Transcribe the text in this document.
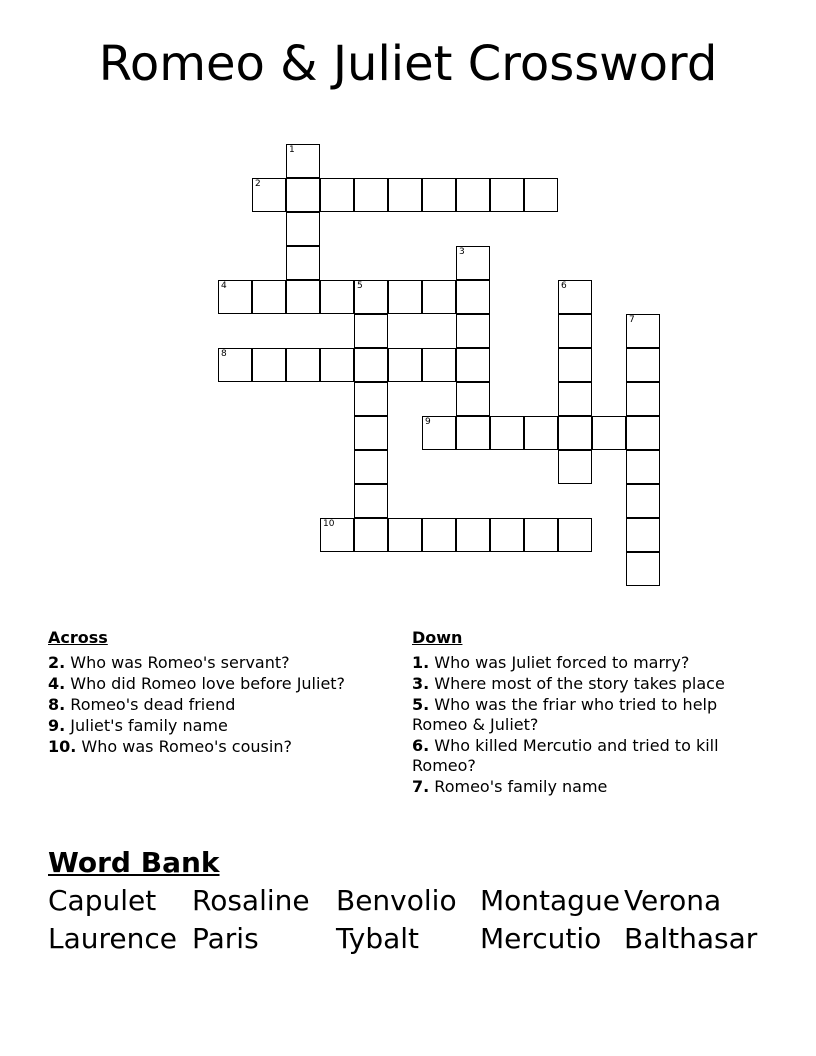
Romeo & Juliet Crossword
1
2
3
4	5	6
7
8
9
10
Across
2. Who was Romeo's servant?
4. Who did Romeo love before Juliet?
8. Romeo's dead friend
9. Juliet's family name
10. Who was Romeo's cousin?
Down
1. Who was Juliet forced to marry?
3. Where most of the story takes place
5. Who was the friar who tried to help Romeo & Juliet?
6. Who killed Mercutio and tried to kill Romeo?
7. Romeo's family name
Word Bank
Capulet	Rosaline Benvolio Montague Verona
Laurence Paris	Tybalt	Mercutio Balthasar
